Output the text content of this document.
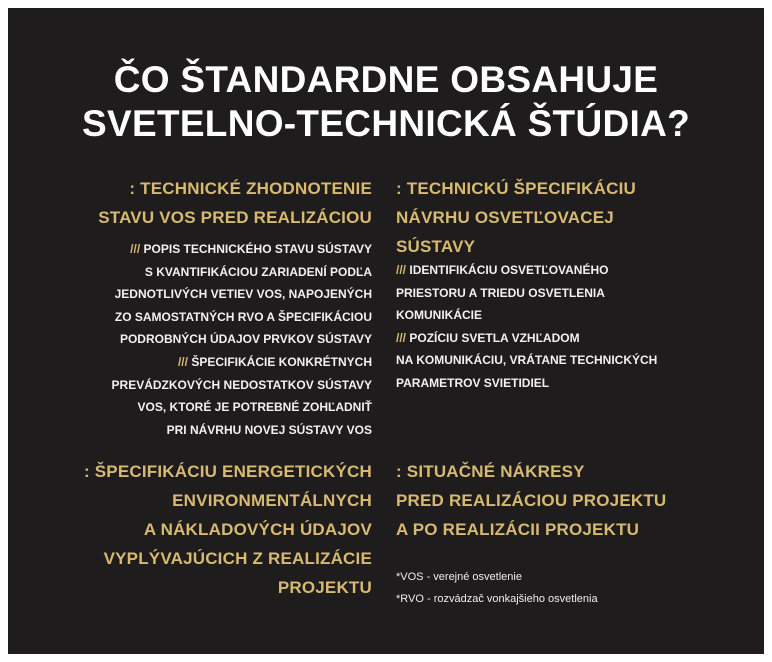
ČO ŠTANDARDNE OBSAHUJE
SVETELNO-TECHNICKÁ ŠTÚDIA?
: TECHNICKÉ ZHODNOTENIE
STAVU VOS PRED REALIZÁCIOU
/// POPIS TECHNICKÉHO STAVU SÚSTAVY
S KVANTIFIKÁCIOU ZARIADENÍ PODĽA
JEDNOTLIVÝCH VETIEV VOS, NAPOJENÝCH
ZO SAMOSTATNÝCH RVO A ŠPECIFIKÁCIOU
PODROBNÝCH ÚDAJOV PRVKOV SÚSTAVY
/// ŠPECIFIKÁCIE KONKRÉTNYCH
PREVÁDZKOVÝCH NEDOSTATKOV SÚSTAVY
VOS, KTORÉ JE POTREBNÉ ZOHĽADNIŤ
PRI NÁVRHU NOVEJ SÚSTAVY VOS
: TECHNICKÚ ŠPECIFIKÁCIU
NÁVRHU OSVETĽOVACEJ
SÚSTAVY
/// IDENTIFIKÁCIU OSVETĽOVANÉHO
PRIESTORU A TRIEDU OSVETLENIA
KOMUNIKÁCIE
/// POZÍCIU SVETLA VZHĽADOM
NA KOMUNIKÁCIU, VRÁTANE TECHNICKÝCH
PARAMETROV SVIETIDIEL
: ŠPECIFIKÁCIU ENERGETICKÝCH
ENVIRONMENTÁLNYCH
A NÁKLADOVÝCH ÚDAJOV
VYPLÝVAJÚCICH Z REALIZÁCIE
PROJEKTU
: SITUAČNÉ NÁKRESY
PRED REALIZÁCIOU PROJEKTU
A PO REALIZÁCII PROJEKTU
*VOS - verejné osvetlenie
*RVO - rozvádzač vonkajšieho osvetlenia
